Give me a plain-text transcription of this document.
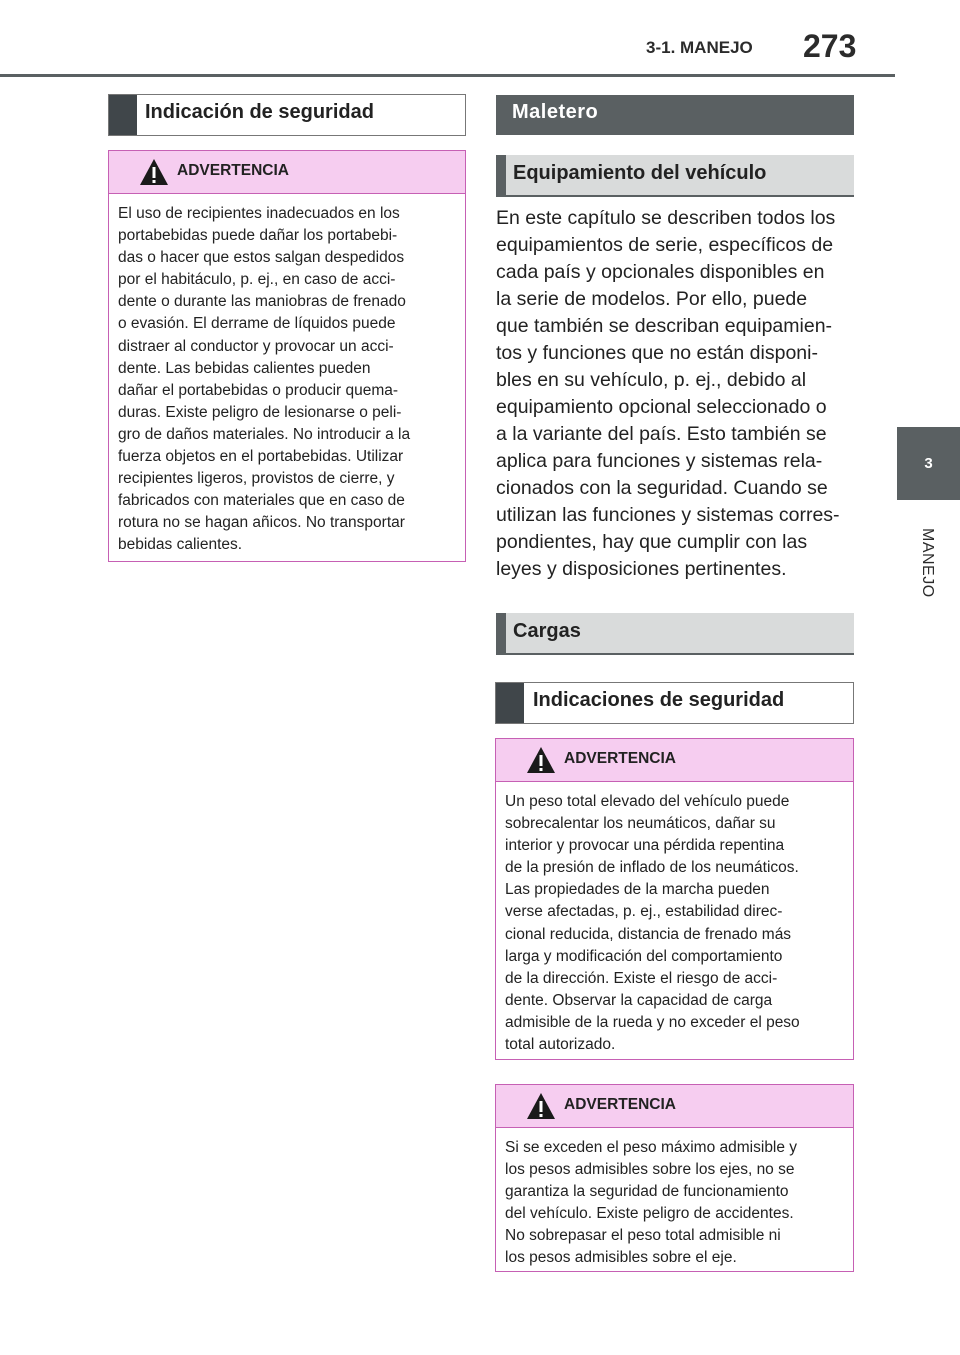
3-1. MANEJO 273
3
MANEJO
Indicación de seguridad
ADVERTENCIA
El uso de recipientes inadecuados en los
portabebidas puede dañar los portabebi-
das o hacer que estos salgan despedidos
por el habitáculo, p. ej., en caso de acci-
dente o durante las maniobras de frenado
o evasión. El derrame de líquidos puede
distraer al conductor y provocar un acci-
dente. Las bebidas calientes pueden
dañar el portabebidas o producir quema-
duras. Existe peligro de lesionarse o peli-
gro de daños materiales. No introducir a la
fuerza objetos en el portabebidas. Utilizar
recipientes ligeros, provistos de cierre, y
fabricados con materiales que en caso de
rotura no se hagan añicos. No transportar
bebidas calientes.
Maletero
Equipamiento del vehículo
En este capítulo se describen todos los
equipamientos de serie, específicos de
cada país y opcionales disponibles en
la serie de modelos. Por ello, puede
que también se describan equipamien-
tos y funciones que no están disponi-
bles en su vehículo, p. ej., debido al
equipamiento opcional seleccionado o
a la variante del país. Esto también se
aplica para funciones y sistemas rela-
cionados con la seguridad. Cuando se
utilizan las funciones y sistemas corres-
pondientes, hay que cumplir con las
leyes y disposiciones pertinentes.
Cargas
Indicaciones de seguridad
ADVERTENCIA
Un peso total elevado del vehículo puede
sobrecalentar los neumáticos, dañar su
interior y provocar una pérdida repentina
de la presión de inflado de los neumáticos.
Las propiedades de la marcha pueden
verse afectadas, p. ej., estabilidad direc-
cional reducida, distancia de frenado más
larga y modificación del comportamiento
de la dirección. Existe el riesgo de acci-
dente. Observar la capacidad de carga
admisible de la rueda y no exceder el peso
total autorizado.
ADVERTENCIA
Si se exceden el peso máximo admisible y
los pesos admisibles sobre los ejes, no se
garantiza la seguridad de funcionamiento
del vehículo. Existe peligro de accidentes.
No sobrepasar el peso total admisible ni
los pesos admisibles sobre el eje.
